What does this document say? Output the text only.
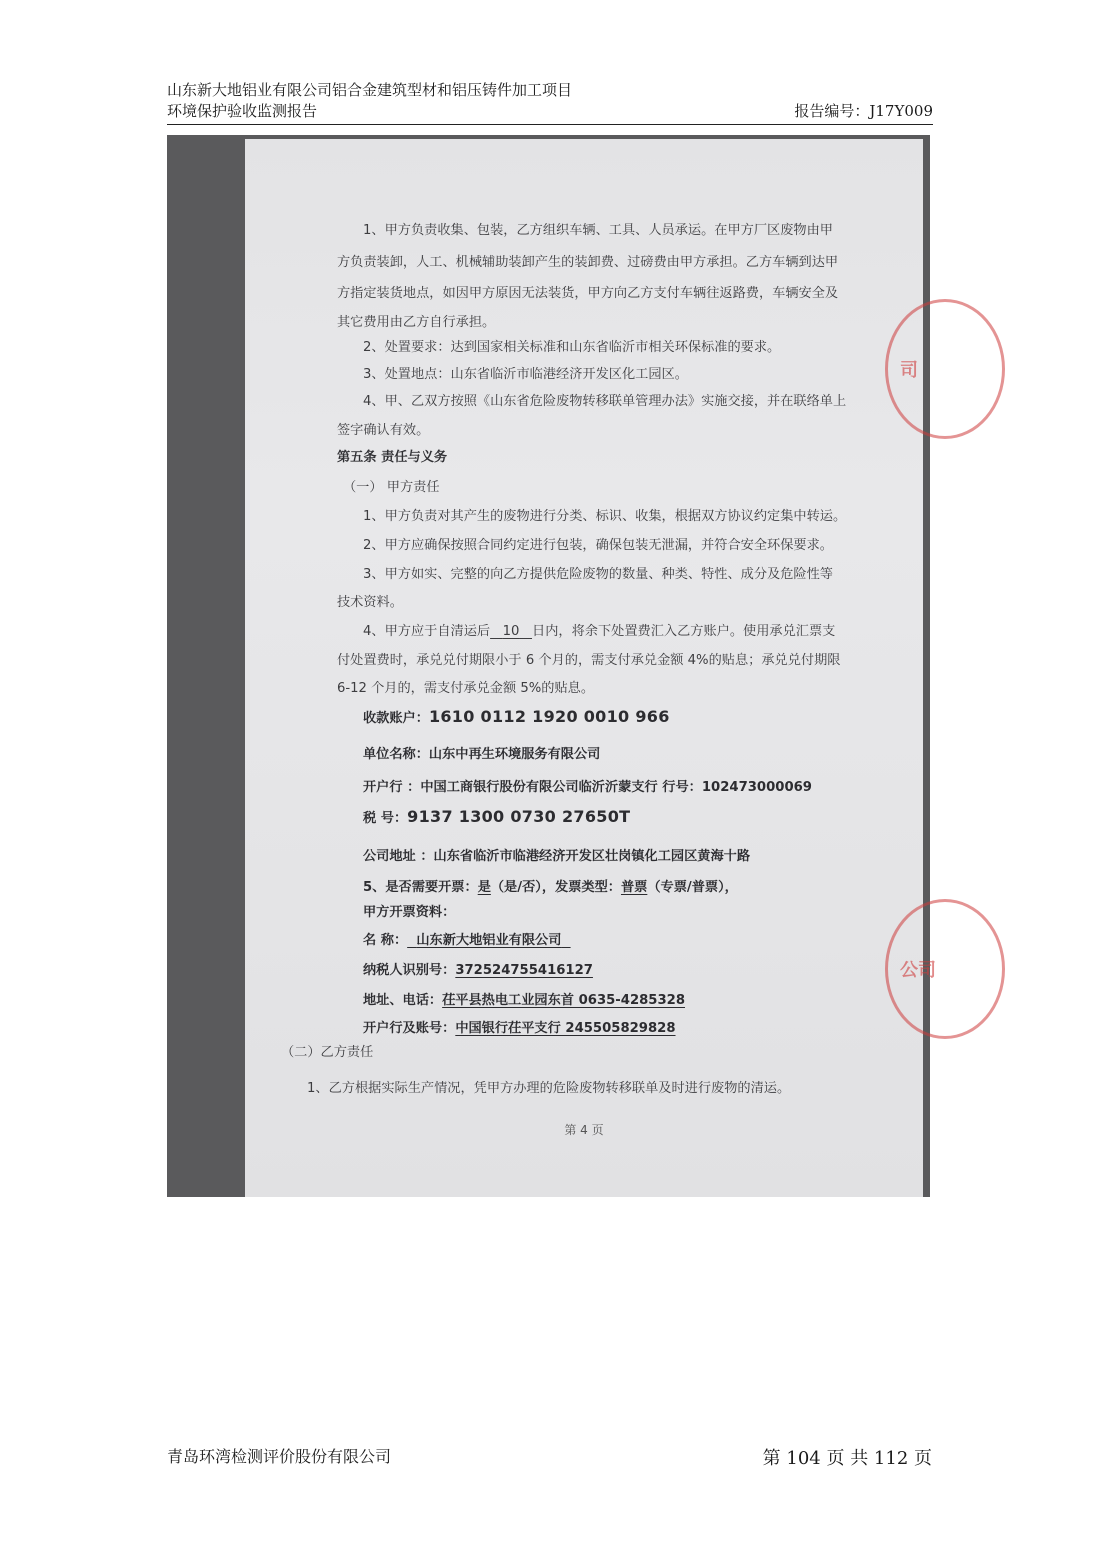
山东新大地铝业有限公司铝合金建筑型材和铝压铸件加工项目
环境保护验收监测报告	报告编号：J17Y009
1、甲方负责收集、包装，乙方组织车辆、工具、人员承运。在甲方厂区废物由甲
方负责装卸，人工、机械辅助装卸产生的装卸费、过磅费由甲方承担。乙方车辆到达甲
方指定装货地点，如因甲方原因无法装货，甲方向乙方支付车辆往返路费，车辆安全及
其它费用由乙方自行承担。
2、处置要求：达到国家相关标准和山东省临沂市相关环保标准的要求。
3、处置地点：山东省临沂市临港经济开发区化工园区。
4、甲、乙双方按照《山东省危险废物转移联单管理办法》实施交接，并在联络单上
签字确认有效。
第五条 责任与义务
（一） 甲方责任
1、甲方负责对其产生的废物进行分类、标识、收集，根据双方协议约定集中转运。
2、甲方应确保按照合同约定进行包装，确保包装无泄漏，并符合安全环保要求。
3、甲方如实、完整的向乙方提供危险废物的数量、种类、特性、成分及危险性等
技术资料。
4、甲方应于自清运后 10 日内，将余下处置费汇入乙方账户。使用承兑汇票支
付处置费时，承兑兑付期限小于 6 个月的，需支付承兑金额 4%的贴息；承兑兑付期限
6-12 个月的，需支付承兑金额 5%的贴息。
收款账户：1610 0112 1920 0010 966
单位名称：山东中再生环境服务有限公司
开户行 ：中国工商银行股份有限公司临沂沂蒙支行 行号：102473000069
税 号：9137 1300 0730 27650T
公司地址 ：山东省临沂市临港经济开发区壮岗镇化工园区黄海十路
5、是否需要开票：是（是/否），发票类型：普票（专票/普票），
甲方开票资料：
名 称： 山东新大地铝业有限公司
纳税人识别号：372524755416127
地址、电话：茌平县热电工业园东首 0635-4285328
开户行及账号：中国银行茌平支行 245505829828
（二）乙方责任
1、乙方根据实际生产情况，凭甲方办理的危险废物转移联单及时进行废物的清运。
第 4 页
司
公司
青岛环湾检测评价股份有限公司	第 104 页 共 112 页
